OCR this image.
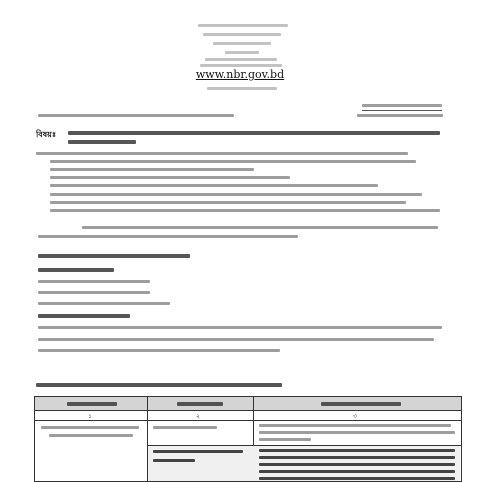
www.nbr.gov.bd
বিষয়ঃ
১	২	৩
